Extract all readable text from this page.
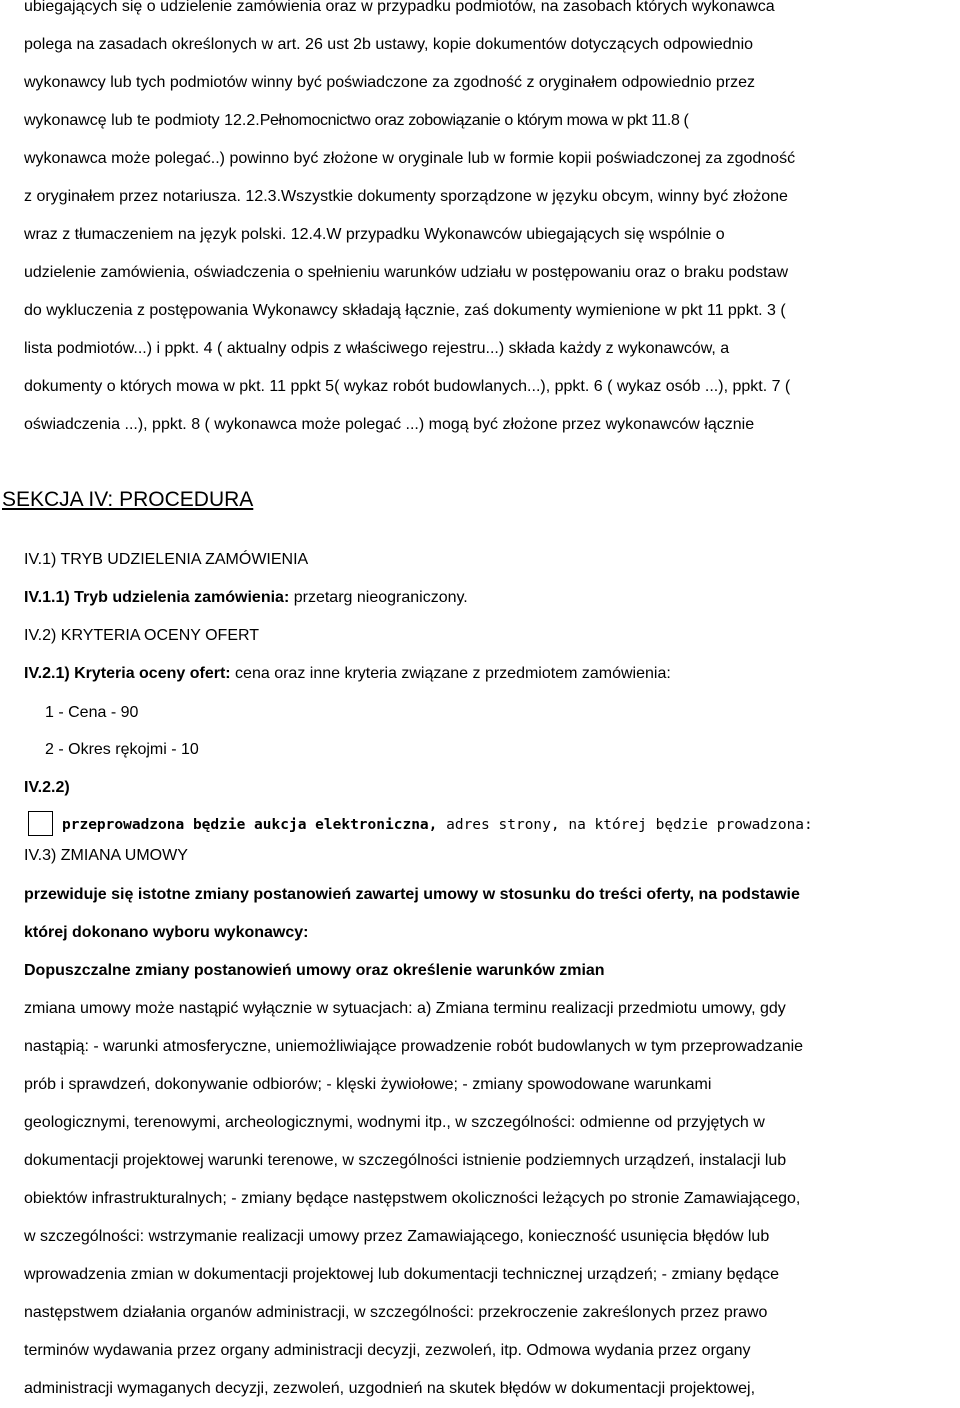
ubiegających się o udzielenie zamówienia oraz w przypadku podmiotów, na zasobach których wykonawca
polega na zasadach określonych w art. 26 ust 2b ustawy, kopie dokumentów dotyczących odpowiednio
wykonawcy lub tych podmiotów winny być poświadczone za zgodność z oryginałem odpowiednio przez
wykonawcę lub te podmioty 12.2.Pełnomocnictwo oraz zobowiązanie o którym mowa w pkt 11.8 (
wykonawca może polegać..) powinno być złożone w oryginale lub w formie kopii poświadczonej za zgodność
z oryginałem przez notariusza. 12.3.Wszystkie dokumenty sporządzone w języku obcym, winny być złożone
wraz z tłumaczeniem na język polski. 12.4.W przypadku Wykonawców ubiegających się wspólnie o
udzielenie zamówienia, oświadczenia o spełnieniu warunków udziału w postępowaniu oraz o braku podstaw
do wykluczenia z postępowania Wykonawcy składają łącznie, zaś dokumenty wymienione w pkt 11 ppkt. 3 (
lista podmiotów...) i ppkt. 4 ( aktualny odpis z właściwego rejestru...) składa każdy z wykonawców, a
dokumenty o których mowa w pkt. 11 ppkt 5( wykaz robót budowlanych...), ppkt. 6 ( wykaz osób ...), ppkt. 7 (
oświadczenia ...), ppkt. 8 ( wykonawca może polegać ...) mogą być złożone przez wykonawców łącznie
SEKCJA IV: PROCEDURA
IV.1) TRYB UDZIELENIA ZAMÓWIENIA
IV.1.1) Tryb udzielenia zamówienia: przetarg nieograniczony.
IV.2) KRYTERIA OCENY OFERT
IV.2.1) Kryteria oceny ofert: cena oraz inne kryteria związane z przedmiotem zamówienia:
1 - Cena - 90
2 - Okres rękojmi - 10
IV.2.2)
przeprowadzona będzie aukcja elektroniczna, adres strony, na której będzie prowadzona:
IV.3) ZMIANA UMOWY
przewiduje się istotne zmiany postanowień zawartej umowy w stosunku do treści oferty, na podstawie
której dokonano wyboru wykonawcy:
Dopuszczalne zmiany postanowień umowy oraz określenie warunków zmian
zmiana umowy może nastąpić wyłącznie w sytuacjach: a) Zmiana terminu realizacji przedmiotu umowy, gdy
nastąpią: - warunki atmosferyczne, uniemożliwiające prowadzenie robót budowlanych w tym przeprowadzanie
prób i sprawdzeń, dokonywanie odbiorów; - klęski żywiołowe; - zmiany spowodowane warunkami
geologicznymi, terenowymi, archeologicznymi, wodnymi itp., w szczególności: odmienne od przyjętych w
dokumentacji projektowej warunki terenowe, w szczególności istnienie podziemnych urządzeń, instalacji lub
obiektów infrastrukturalnych; - zmiany będące następstwem okoliczności leżących po stronie Zamawiającego,
w szczególności: wstrzymanie realizacji umowy przez Zamawiającego, konieczność usunięcia błędów lub
wprowadzenia zmian w dokumentacji projektowej lub dokumentacji technicznej urządzeń; - zmiany będące
następstwem działania organów administracji, w szczególności: przekroczenie zakreślonych przez prawo
terminów wydawania przez organy administracji decyzji, zezwoleń, itp. Odmowa wydania przez organy
administracji wymaganych decyzji, zezwoleń, uzgodnień na skutek błędów w dokumentacji projektowej,
